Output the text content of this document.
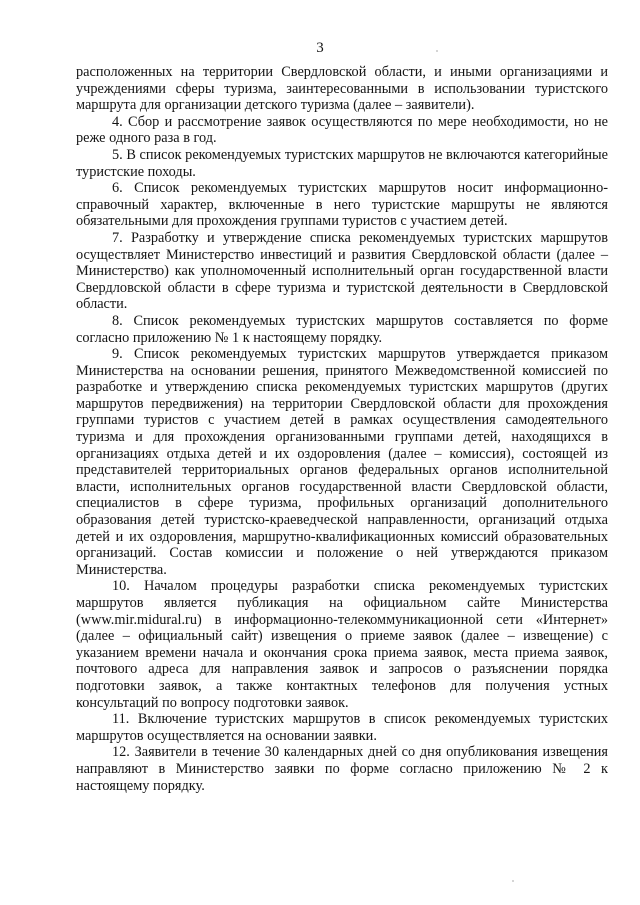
3

расположенных на территории Свердловской области, и иными организациями и учреждениями сферы туризма, заинтересованными в использовании туристского маршрута для организации детского туризма (далее – заявители).

4. Сбор и рассмотрение заявок осуществляются по мере необходимости, но не реже одного раза в год.

5. В список рекомендуемых туристских маршрутов не включаются категорийные туристские походы.

6. Список рекомендуемых туристских маршрутов носит информационно-справочный характер, включенные в него туристские маршруты не являются обязательными для прохождения группами туристов с участием детей.

7. Разработку и утверждение списка рекомендуемых туристских маршрутов осуществляет Министерство инвестиций и развития Свердловской области (далее – Министерство) как уполномоченный исполнительный орган государственной власти Свердловской области в сфере туризма и туристской деятельности в Свердловской области.

8. Список рекомендуемых туристских маршрутов составляется по форме согласно приложению № 1 к настоящему порядку.

9. Список рекомендуемых туристских маршрутов утверждается приказом Министерства на основании решения, принятого Межведомственной комиссией по разработке и утверждению списка рекомендуемых туристских маршрутов (других маршрутов передвижения) на территории Свердловской области для прохождения группами туристов с участием детей в рамках осуществления самодеятельного туризма и для прохождения организованными группами детей, находящихся в организациях отдыха детей и их оздоровления (далее – комиссия), состоящей из представителей территориальных органов федеральных органов исполнительной власти, исполнительных органов государственной власти Свердловской области, специалистов в сфере туризма, профильных организаций дополнительного образования детей туристско-краеведческой направленности, организаций отдыха детей и их оздоровления, маршрутно-квалификационных комиссий образовательных организаций. Состав комиссии и положение о ней утверждаются приказом Министерства.

10. Началом процедуры разработки списка рекомендуемых туристских маршрутов является публикация на официальном сайте Министерства (www.mir.midural.ru) в информационно-телекоммуникационной сети «Интернет» (далее – официальный сайт) извещения о приеме заявок (далее – извещение) с указанием времени начала и окончания срока приема заявок, места приема заявок, почтового адреса для направления заявок и запросов о разъяснении порядка подготовки заявок, а также контактных телефонов для получения устных консультаций по вопросу подготовки заявок.

11. Включение туристских маршрутов в список рекомендуемых туристских маршрутов осуществляется на основании заявки.

12. Заявители в течение 30 календарных дней со дня опубликования извещения направляют в Министерство заявки по форме согласно приложению № 2 к настоящему порядку.
